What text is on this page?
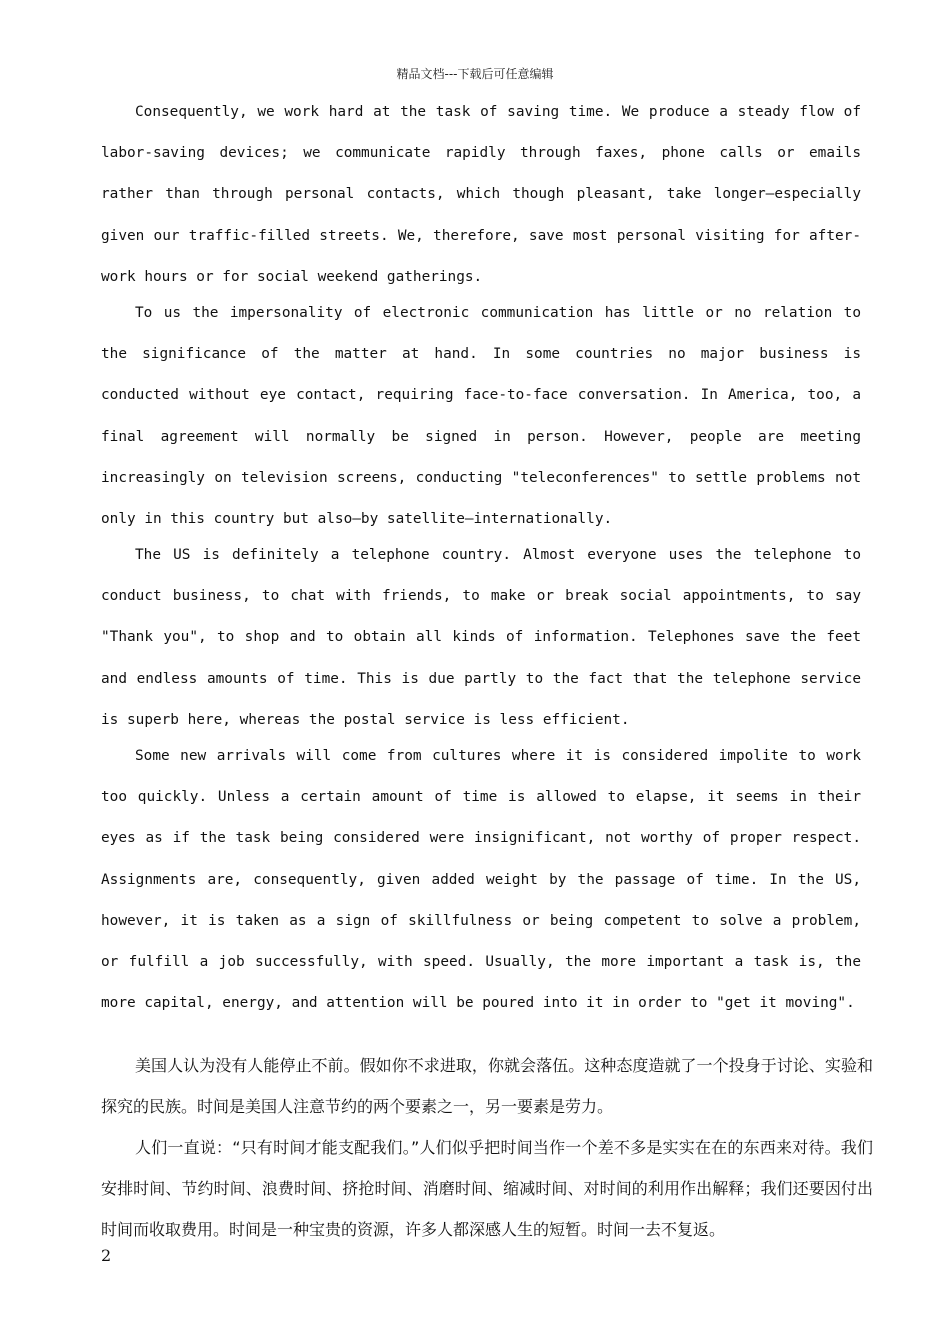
精品文档---下载后可任意编辑

Consequently, we work hard at the task of saving time. We produce a steady flow of labor-saving devices; we communicate rapidly through faxes, phone calls or emails rather than through personal contacts, which though pleasant, take longer—especially given our traffic-filled streets. We, therefore, save most personal visiting for after-work hours or for social weekend gatherings.

To us the impersonality of electronic communication has little or no relation to the significance of the matter at hand. In some countries no major business is conducted without eye contact, requiring face-to-face conversation. In America, too, a final agreement will normally be signed in person. However, people are meeting increasingly on television screens, conducting "teleconferences" to settle problems not only in this country but also—by satellite—internationally.

The US is definitely a telephone country. Almost everyone uses the telephone to conduct business, to chat with friends, to make or break social appointments, to say "Thank you", to shop and to obtain all kinds of information. Telephones save the feet and endless amounts of time. This is due partly to the fact that the telephone service is superb here, whereas the postal service is less efficient.

Some new arrivals will come from cultures where it is considered impolite to work too quickly. Unless a certain amount of time is allowed to elapse, it seems in their eyes as if the task being considered were insignificant, not worthy of proper respect. Assignments are, consequently, given added weight by the passage of time. In the US, however, it is taken as a sign of skillfulness or being competent to solve a problem, or fulfill a job successfully, with speed. Usually, the more important a task is, the more capital, energy, and attention will be poured into it in order to "get it moving".

美国人认为没有人能停止不前。假如你不求进取，你就会落伍。这种态度造就了一个投身于讨论、实验和探究的民族。时间是美国人注意节约的两个要素之一，另一要素是劳力。

人们一直说：“只有时间才能支配我们。”人们似乎把时间当作一个差不多是实实在在的东西来对待。我们安排时间、节约时间、浪费时间、挤抢时间、消磨时间、缩减时间、对时间的利用作出解释；我们还要因付出时间而收取费用。时间是一种宝贵的资源，许多人都深感人生的短暂。时间一去不复返。

2
